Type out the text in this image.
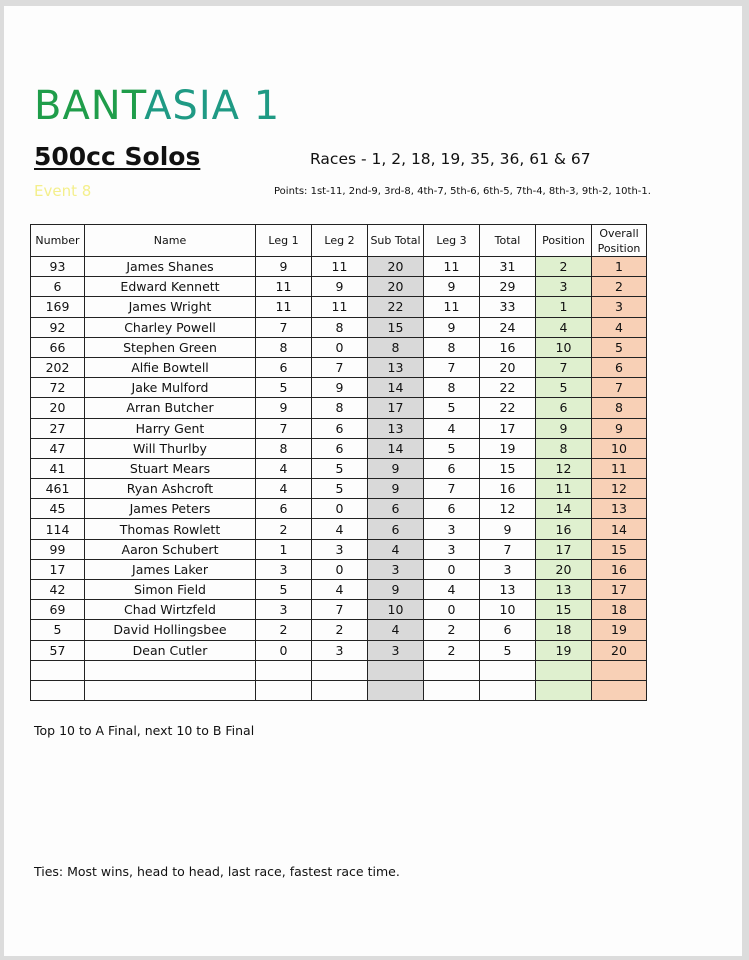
BANTASIA 1
500cc Solos	Races - 1, 2, 18, 19, 35, 36, 61 & 67
Event 8	Points: 1st-11, 2nd-9, 3rd-8, 4th-7, 5th-6, 6th-5, 7th-4, 8th-3, 9th-2, 10th-1.
Number	Name	Leg 1	Leg 2	Sub Total	Leg 3	Total	Position	Overall
Position
93	James Shanes	9	11	20	11	31	2	1
6	Edward Kennett	11	9	20	9	29	3	2
169	James Wright	11	11	22	11	33	1	3
92	Charley Powell	7	8	15	9	24	4	4
66	Stephen Green	8	0	8	8	16	10	5
202	Alfie Bowtell	6	7	13	7	20	7	6
72	Jake Mulford	5	9	14	8	22	5	7
20	Arran Butcher	9	8	17	5	22	6	8
27	Harry Gent	7	6	13	4	17	9	9
47	Will Thurlby	8	6	14	5	19	8	10
41	Stuart Mears	4	5	9	6	15	12	11
461	Ryan Ashcroft	4	5	9	7	16	11	12
45	James Peters	6	0	6	6	12	14	13
114	Thomas Rowlett	2	4	6	3	9	16	14
99	Aaron Schubert	1	3	4	3	7	17	15
17	James Laker	3	0	3	0	3	20	16
42	Simon Field	5	4	9	4	13	13	17
69	Chad Wirtzfeld	3	7	10	0	10	15	18
5	David Hollingsbee	2	2	4	2	6	18	19
57	Dean Cutler	0	3	3	2	5	19	20

Top 10 to A Final, next 10 to B Final
Ties: Most wins, head to head, last race, fastest race time.
